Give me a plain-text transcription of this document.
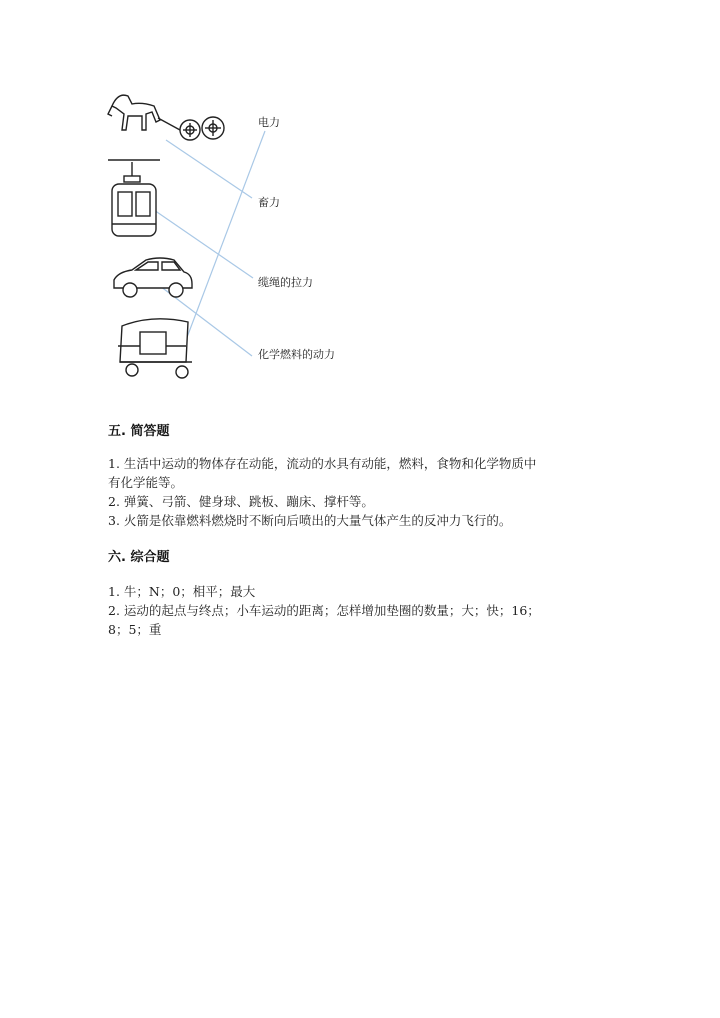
电力
畜力
缆绳的拉力
化学燃料的动力
五. 简答题
1. 生活中运动的物体存在动能，流动的水具有动能，燃料，食物和化学物质中
有化学能等。
2. 弹簧、弓箭、健身球、跳板、蹦床、撑杆等。
3. 火箭是依靠燃料燃烧时不断向后喷出的大量气体产生的反冲力飞行的。
六. 综合题
1. 牛；N；0；相平；最大
2. 运动的起点与终点；小车运动的距离；怎样增加垫圈的数量；大；快；16；
8；5；重
